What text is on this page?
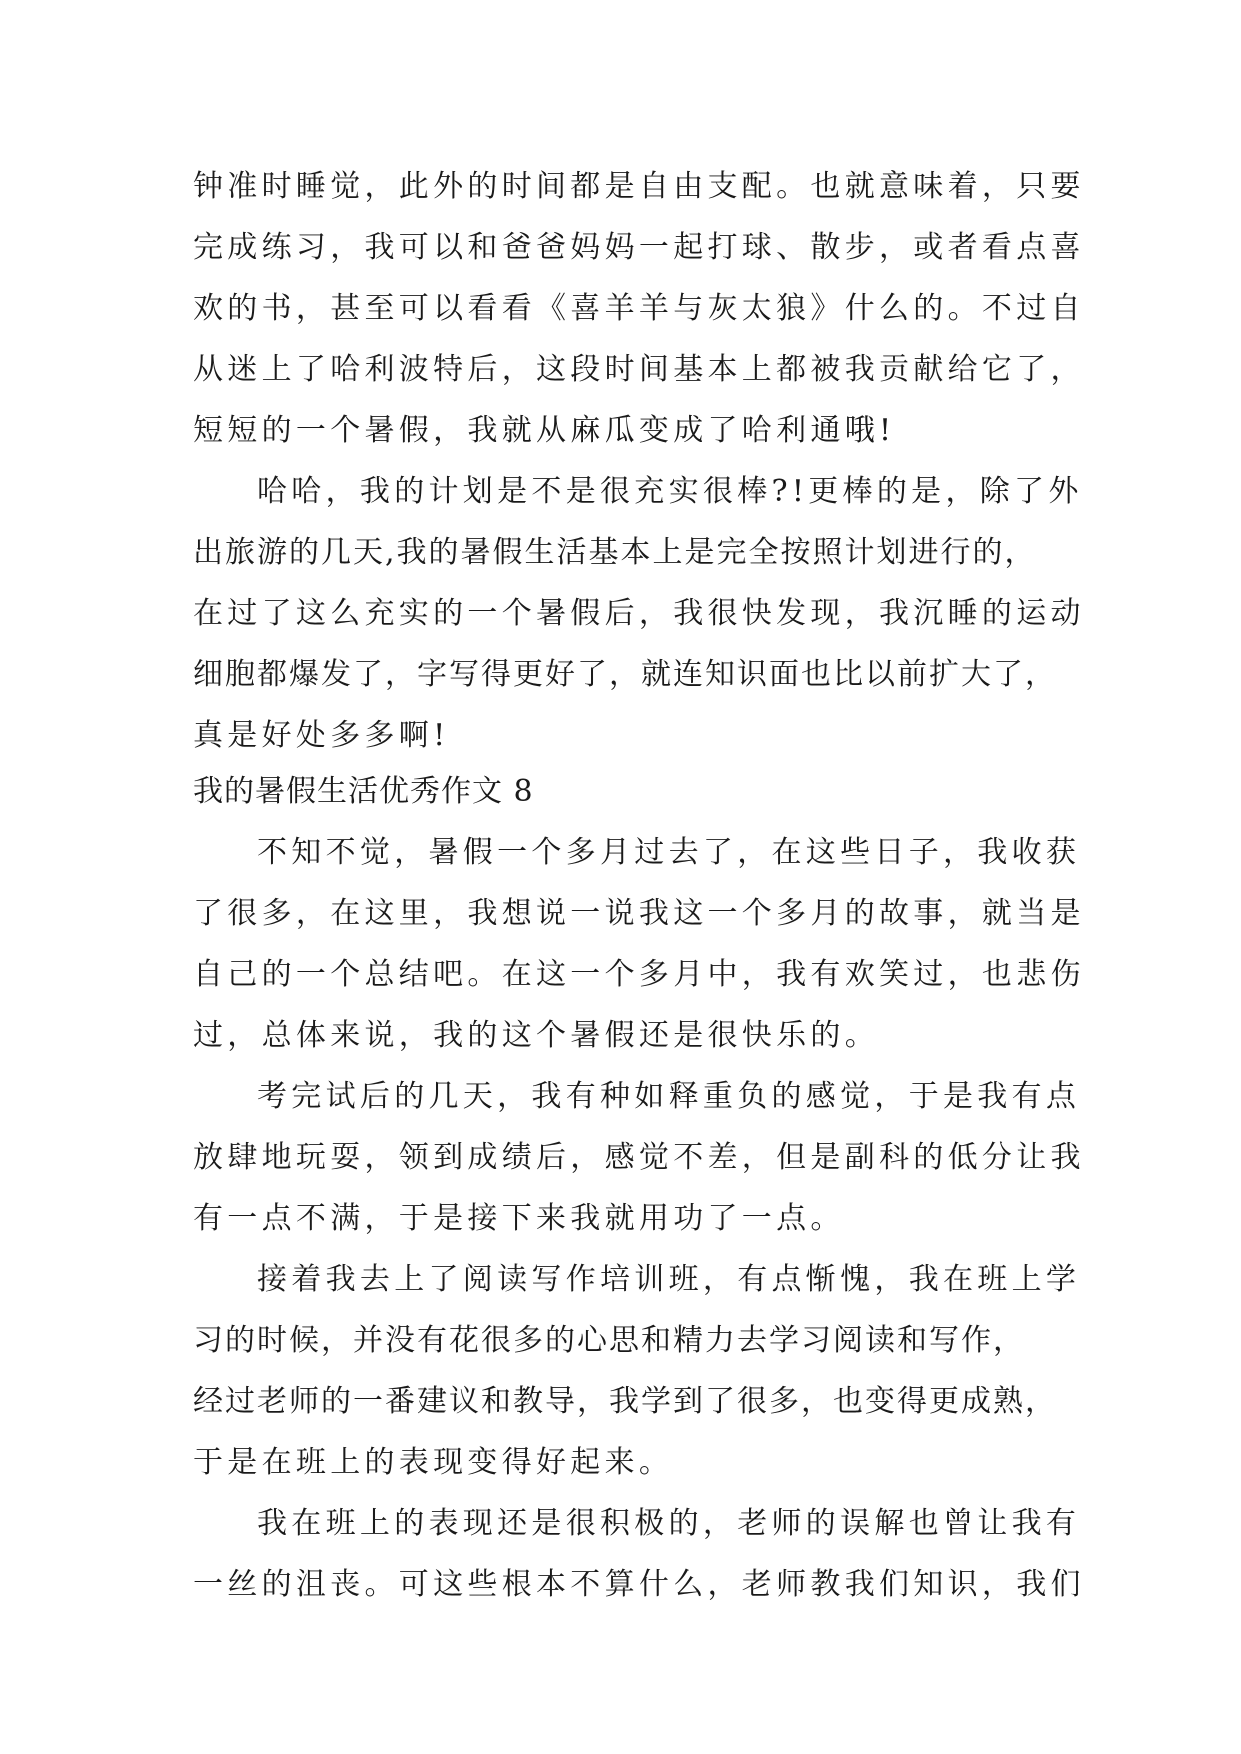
钟准时睡觉，此外的时间都是自由支配。也就意味着，只要
完成练习，我可以和爸爸妈妈一起打球、散步，或者看点喜
欢的书，甚至可以看看《喜羊羊与灰太狼》什么的。不过自
从迷上了哈利波特后，这段时间基本上都被我贡献给它了，
短短的一个暑假，我就从麻瓜变成了哈利通哦!
哈哈，我的计划是不是很充实很棒?!更棒的是，除了外
出旅游的几天,我的暑假生活基本上是完全按照计划进行的，
在过了这么充实的一个暑假后，我很快发现，我沉睡的运动
细胞都爆发了，字写得更好了，就连知识面也比以前扩大了，
真是好处多多啊!
我的暑假生活优秀作文 8
不知不觉，暑假一个多月过去了，在这些日子，我收获
了很多，在这里，我想说一说我这一个多月的故事，就当是
自己的一个总结吧。在这一个多月中，我有欢笑过，也悲伤
过，总体来说，我的这个暑假还是很快乐的。
考完试后的几天，我有种如释重负的感觉，于是我有点
放肆地玩耍，领到成绩后，感觉不差，但是副科的低分让我
有一点不满，于是接下来我就用功了一点。
接着我去上了阅读写作培训班，有点惭愧，我在班上学
习的时候，并没有花很多的心思和精力去学习阅读和写作，
经过老师的一番建议和教导，我学到了很多，也变得更成熟，
于是在班上的表现变得好起来。
我在班上的表现还是很积极的，老师的误解也曾让我有
一丝的沮丧。可这些根本不算什么，老师教我们知识，我们
